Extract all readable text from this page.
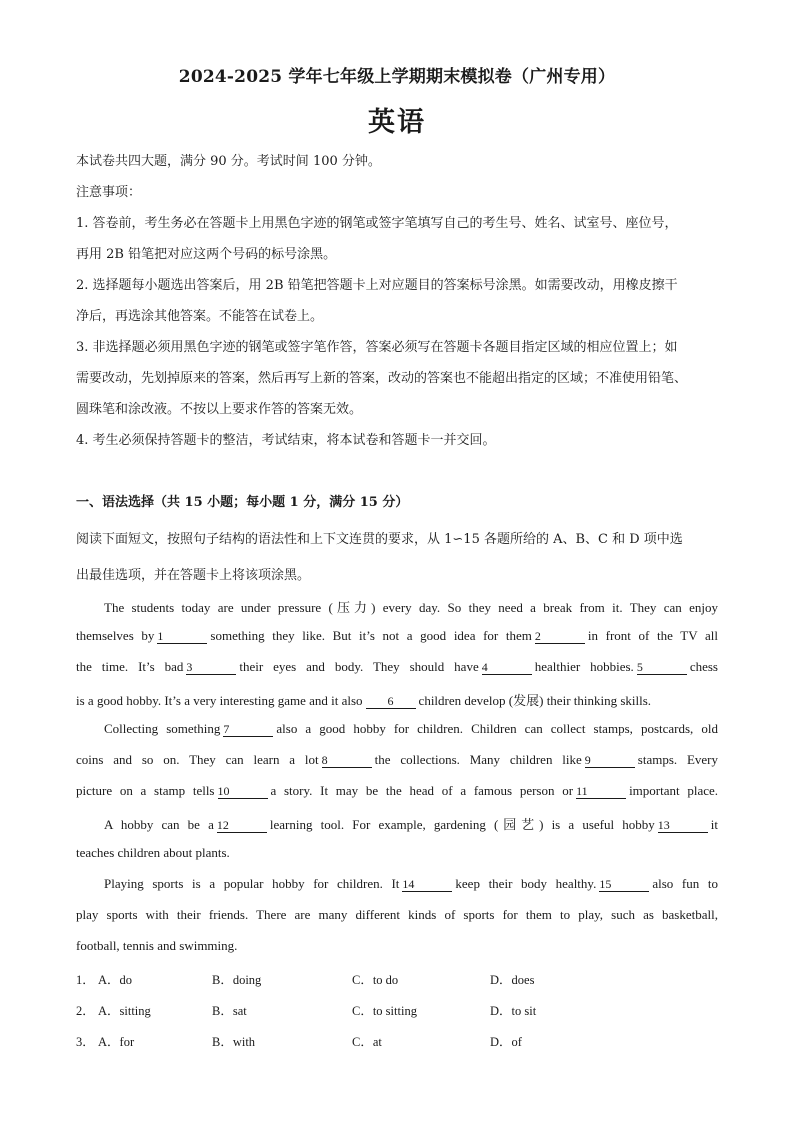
2024-2025 学年七年级上学期期末模拟卷（广州专用）
英语
本试卷共四大题，满分 90 分。考试时间 100 分钟。
注意事项：
1. 答卷前，考生务必在答题卡上用黑色字迹的钢笔或签字笔填写自己的考生号、姓名、试室号、座位号，
再用 2B 铅笔把对应这两个号码的标号涂黑。
2. 选择题每小题选出答案后，用 2B 铅笔把答题卡上对应题目的答案标号涂黑。如需要改动，用橡皮擦干
净后，再选涂其他答案。不能答在试卷上。
3. 非选择题必须用黑色字迹的钢笔或签字笔作答，答案必须写在答题卡各题目指定区域的相应位置上；如
需要改动，先划掉原来的答案，然后再写上新的答案，改动的答案也不能超出指定的区域；不准使用铅笔、
圆珠笔和涂改液。不按以上要求作答的答案无效。
4. 考生必须保持答题卡的整洁，考试结束，将本试卷和答题卡一并交回。
一、语法选择（共 15 小题；每小题 1 分，满分 15 分）
阅读下面短文，按照句子结构的语法性和上下文连贯的要求，从 1∽15 各题所给的 A、B、C 和 D 项中选
出最佳选项，并在答题卡上将该项涂黑。
The students today are under pressure (压力) every day. So they need a break from it. They can enjoy
themselves by 1	something they like. But it’s not a good idea for them 2	in front of the TV all
the time. It’s bad 3	their eyes and body. They should have 4	healthier hobbies. 5	chess
is a good hobby. It’s a very interesting game and it also 6 children develop (发展) their thinking skills.
Collecting something 7	also a good hobby for children. Children can collect stamps, postcards, old
coins and so on. They can learn a lot 8	the collections. Many children like 9	stamps. Every
picture on a stamp tells 10	a story. It may be the head of a famous person or 11	important place.
A hobby can be a 12	learning tool. For example, gardening (园艺) is a useful hobby 13	it
teaches children about plants.
Playing sports is a popular hobby for children. It 14	keep their body healthy. 15	also fun to
play sports with their friends. There are many different kinds of sports for them to play, such as basketball,
football, tennis and swimming.
1． A．do	B．doing	C．to do	D．does
2． A．sitting	B．sat	C．to sitting	D．to sit
3． A．for	B．with	C．at	D．of
